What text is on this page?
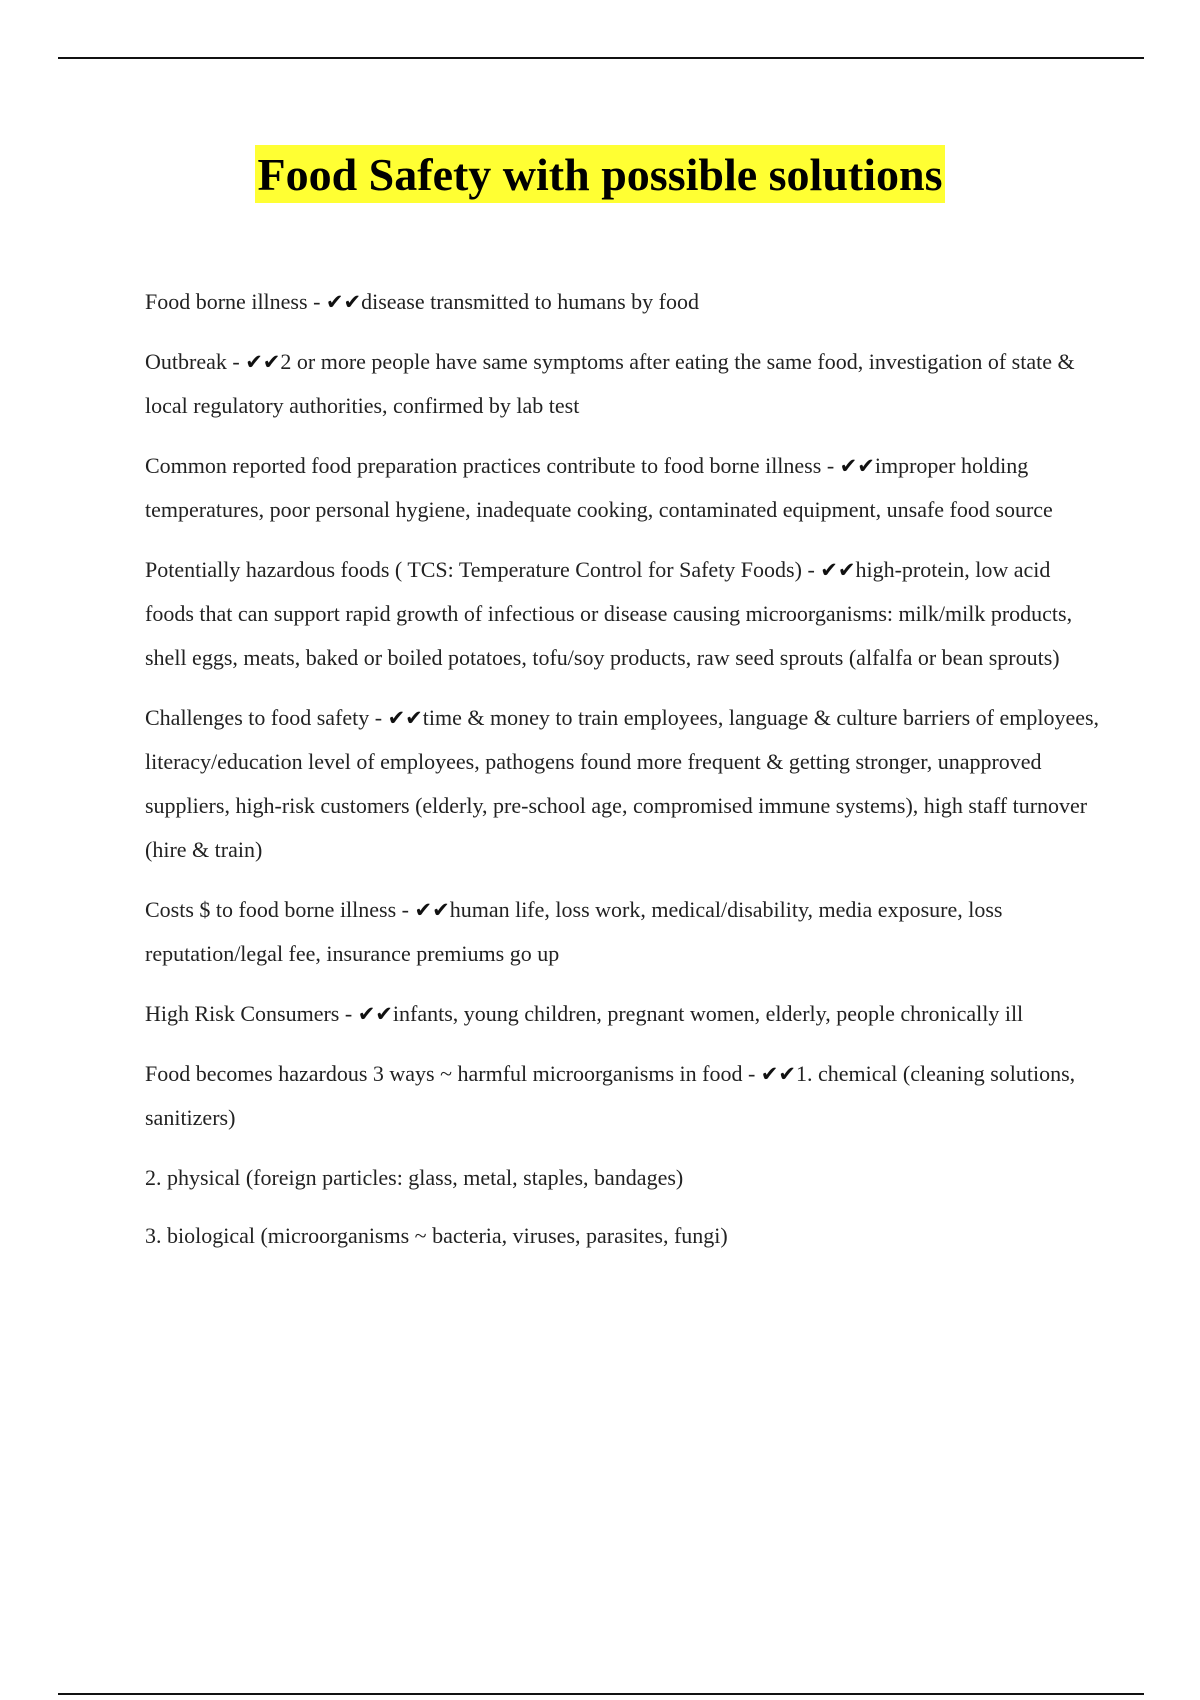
Food Safety with possible solutions

Food borne illness - ✔✔disease transmitted to humans by food

Outbreak - ✔✔2 or more people have same symptoms after eating the same food, investigation of state & local regulatory authorities, confirmed by lab test

Common reported food preparation practices contribute to food borne illness - ✔✔improper holding temperatures, poor personal hygiene, inadequate cooking, contaminated equipment, unsafe food source

Potentially hazardous foods ( TCS: Temperature Control for Safety Foods) - ✔✔high-protein, low acid foods that can support rapid growth of infectious or disease causing microorganisms: milk/milk products, shell eggs, meats, baked or boiled potatoes, tofu/soy products, raw seed sprouts (alfalfa or bean sprouts)

Challenges to food safety - ✔✔time & money to train employees, language & culture barriers of employees, literacy/education level of employees, pathogens found more frequent & getting stronger, unapproved suppliers, high-risk customers (elderly, pre-school age, compromised immune systems), high staff turnover (hire & train)

Costs $ to food borne illness - ✔✔human life, loss work, medical/disability, media exposure, loss reputation/legal fee, insurance premiums go up

High Risk Consumers - ✔✔infants, young children, pregnant women, elderly, people chronically ill

Food becomes hazardous 3 ways ~ harmful microorganisms in food - ✔✔1. chemical (cleaning solutions, sanitizers)

2. physical (foreign particles: glass, metal, staples, bandages)

3. biological (microorganisms ~ bacteria, viruses, parasites, fungi)
